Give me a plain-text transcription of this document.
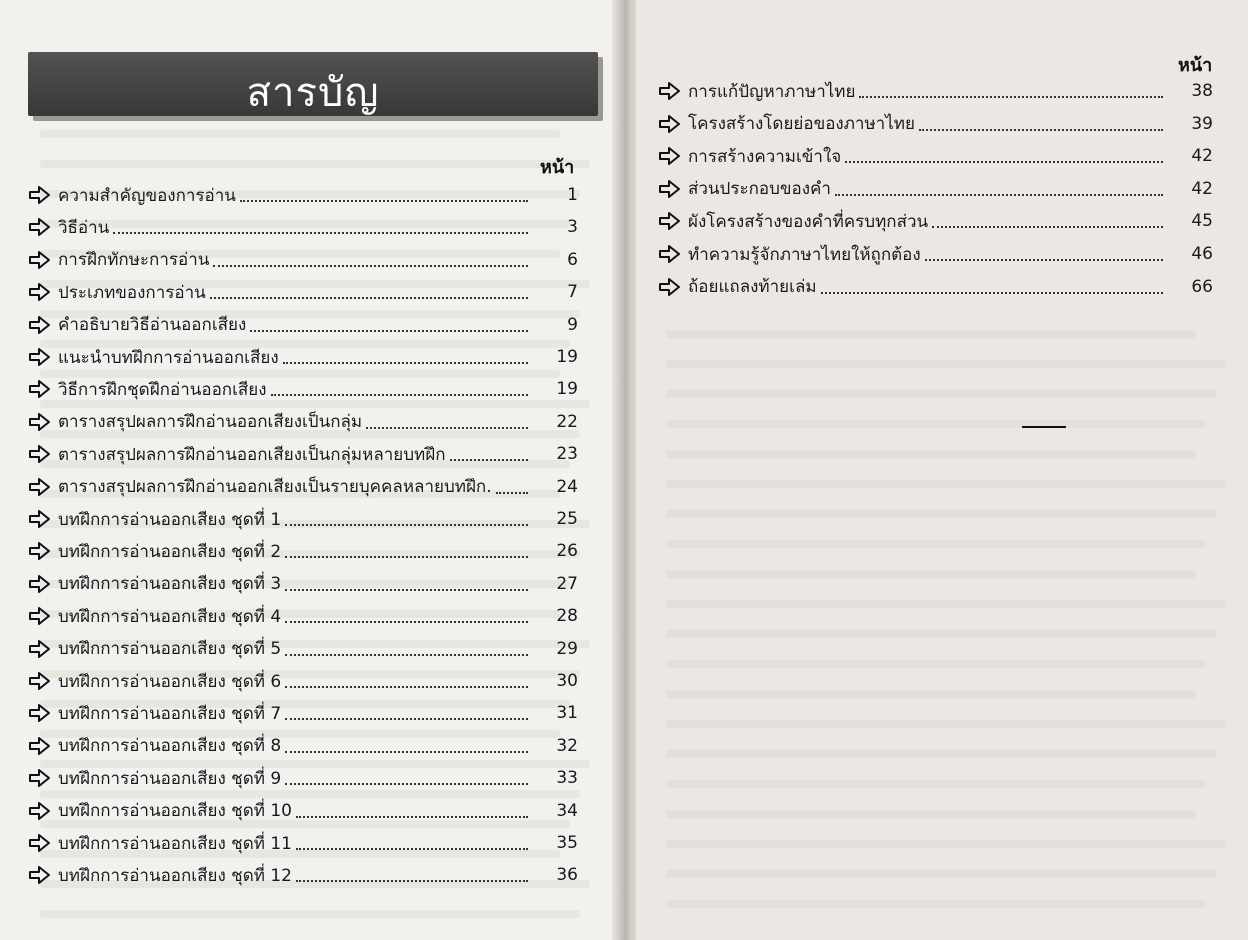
สารบัญ
หน้า
ความสำคัญของการอ่าน	1
วิธีอ่าน	3
การฝึกทักษะการอ่าน	6
ประเภทของการอ่าน	7
คำอธิบายวิธีอ่านออกเสียง	9
แนะนำบทฝึกการอ่านออกเสียง	19
วิธีการฝึกชุดฝึกอ่านออกเสียง	19
ตารางสรุปผลการฝึกอ่านออกเสียงเป็นกลุ่ม	22
ตารางสรุปผลการฝึกอ่านออกเสียงเป็นกลุ่มหลายบทฝึก	23
ตารางสรุปผลการฝึกอ่านออกเสียงเป็นรายบุคคลหลายบทฝึก.	24
บทฝึกการอ่านออกเสียง ชุดที่ 1	25
บทฝึกการอ่านออกเสียง ชุดที่ 2	26
บทฝึกการอ่านออกเสียง ชุดที่ 3	27
บทฝึกการอ่านออกเสียง ชุดที่ 4	28
บทฝึกการอ่านออกเสียง ชุดที่ 5	29
บทฝึกการอ่านออกเสียง ชุดที่ 6	30
บทฝึกการอ่านออกเสียง ชุดที่ 7	31
บทฝึกการอ่านออกเสียง ชุดที่ 8	32
บทฝึกการอ่านออกเสียง ชุดที่ 9	33
บทฝึกการอ่านออกเสียง ชุดที่ 10	34
บทฝึกการอ่านออกเสียง ชุดที่ 11	35
บทฝึกการอ่านออกเสียง ชุดที่ 12	36
หน้า
การแก้ปัญหาภาษาไทย	38
โครงสร้างโดยย่อของภาษาไทย	39
การสร้างความเข้าใจ	42
ส่วนประกอบของคำ	42
ผังโครงสร้างของคำที่ครบทุกส่วน	45
ทำความรู้จักภาษาไทยให้ถูกต้อง	46
ถ้อยแถลงท้ายเล่ม	66
